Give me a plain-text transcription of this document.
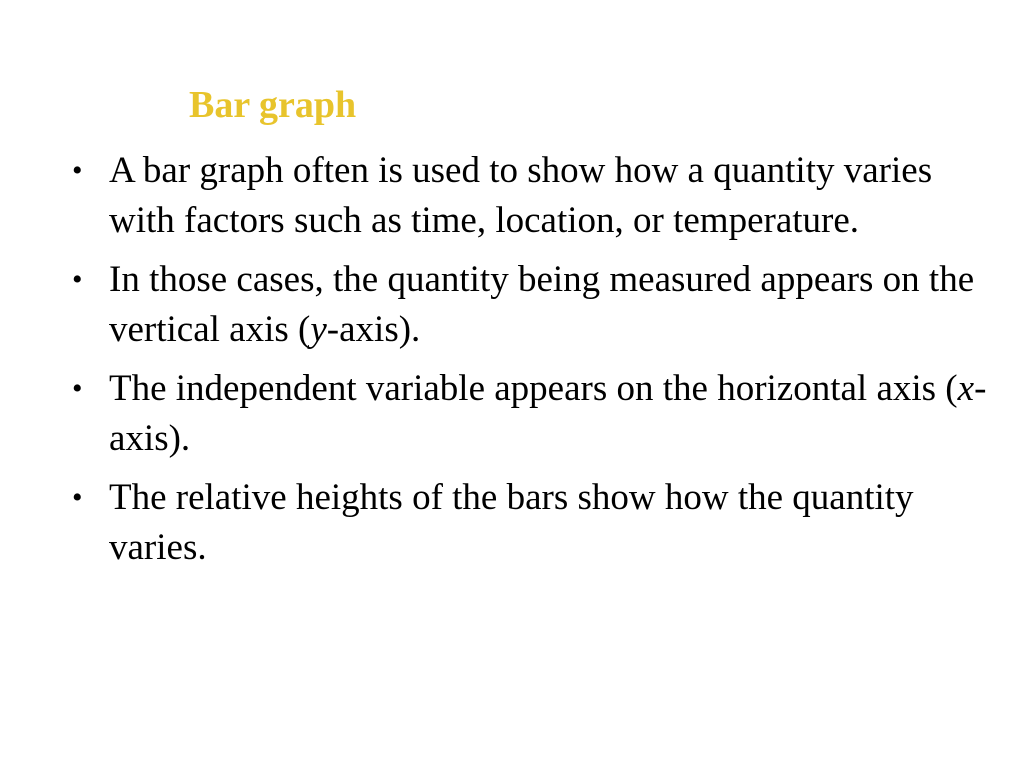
Bar graph
• A bar graph often is used to show how a quantity varies with factors such as time, location, or temperature.
• In those cases, the quantity being measured appears on the vertical axis (y-axis).
• The independent variable appears on the horizontal axis (x-axis).
• The relative heights of the bars show how the quantity varies.
